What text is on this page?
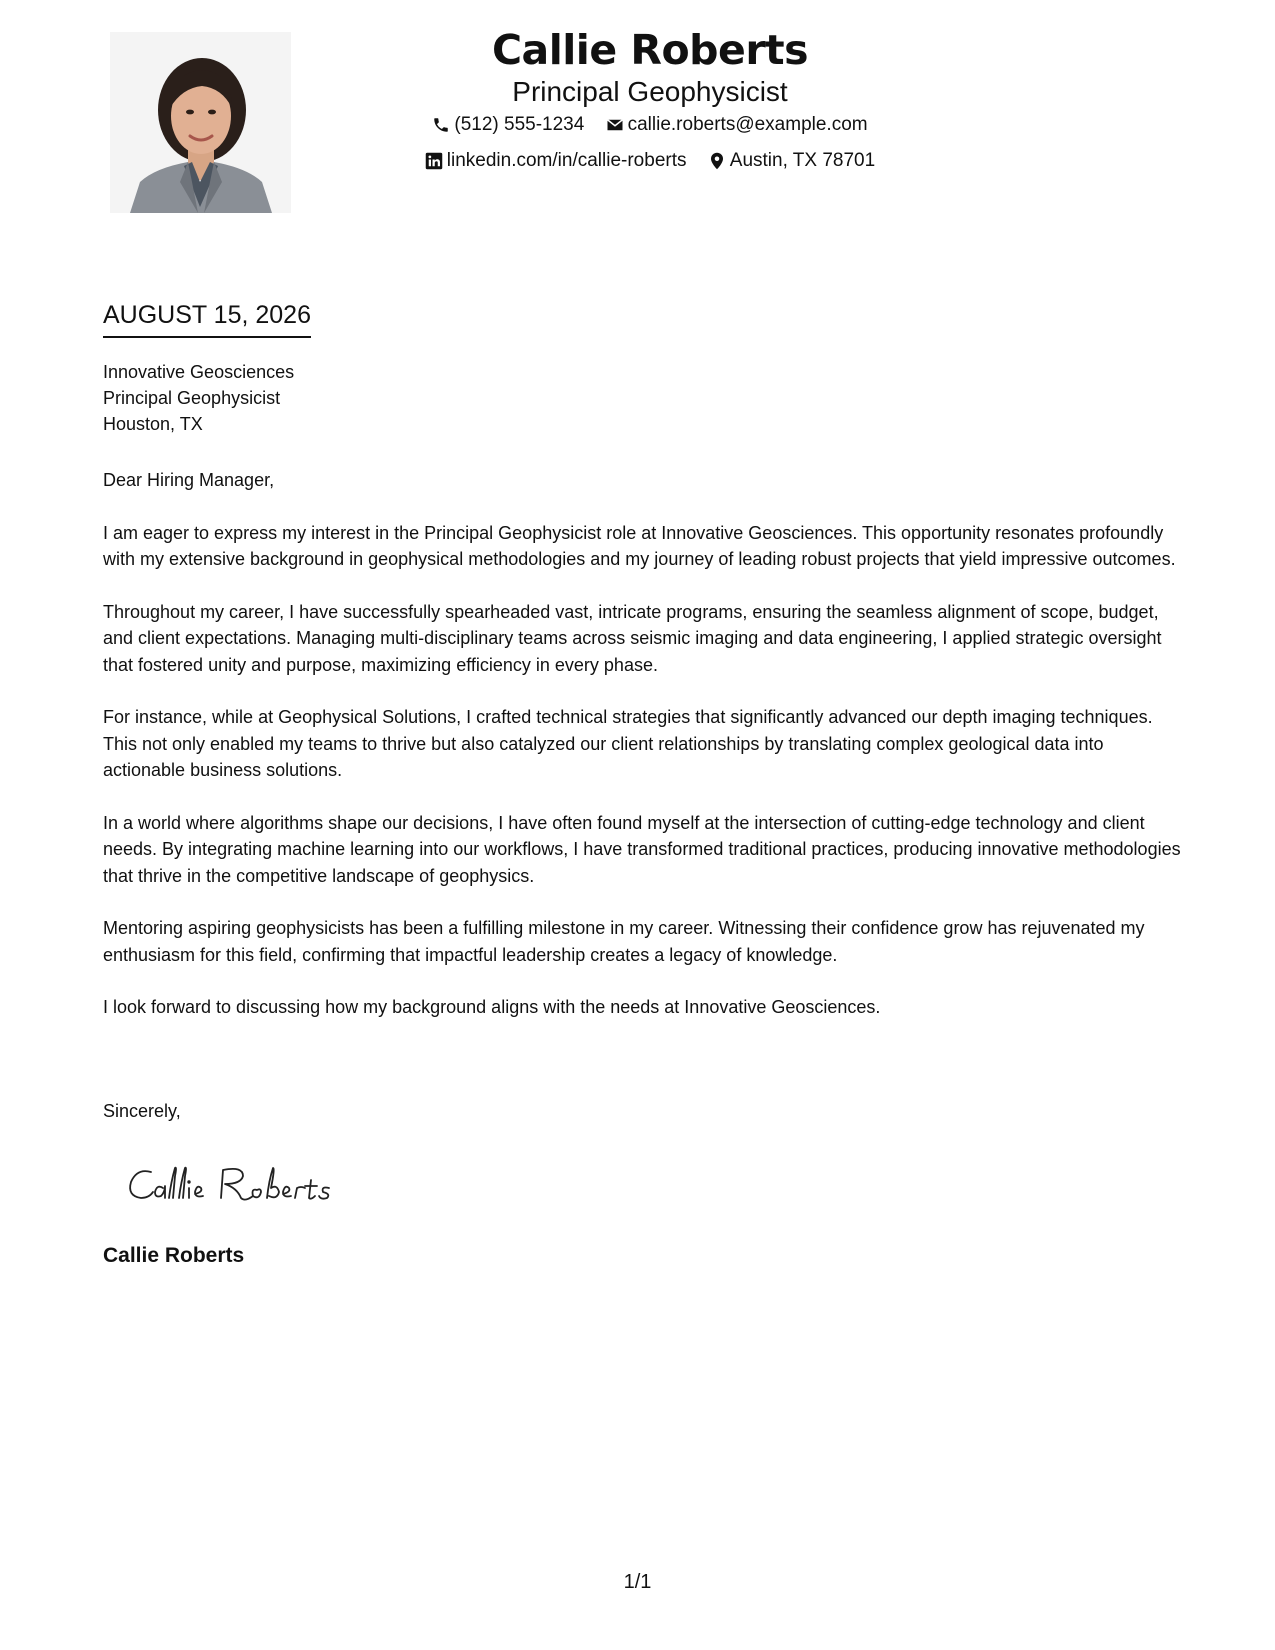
Callie Roberts
Principal Geophysicist
(512) 555-1234
callie.roberts@example.com
linkedin.com/in/callie-roberts
Austin, TX 78701
AUGUST 15, 2026
Innovative Geosciences
Principal Geophysicist
Houston, TX

Dear Hiring Manager,

I am eager to express my interest in the Principal Geophysicist role at Innovative Geosciences. This opportunity resonates profoundly with my extensive background in geophysical methodologies and my journey of leading robust projects that yield impressive outcomes.

Throughout my career, I have successfully spearheaded vast, intricate programs, ensuring the seamless alignment of scope, budget, and client expectations. Managing multi-disciplinary teams across seismic imaging and data engineering, I applied strategic oversight that fostered unity and purpose, maximizing efficiency in every phase.

For instance, while at Geophysical Solutions, I crafted technical strategies that significantly advanced our depth imaging techniques. This not only enabled my teams to thrive but also catalyzed our client relationships by translating complex geological data into actionable business solutions.

In a world where algorithms shape our decisions, I have often found myself at the intersection of cutting-edge technology and client needs. By integrating machine learning into our workflows, I have transformed traditional practices, producing innovative methodologies that thrive in the competitive landscape of geophysics.

Mentoring aspiring geophysicists has been a fulfilling milestone in my career. Witnessing their confidence grow has rejuvenated my enthusiasm for this field, confirming that impactful leadership creates a legacy of knowledge.

I look forward to discussing how my background aligns with the needs at Innovative Geosciences.

Sincerely,
Callie Roberts
1/1
